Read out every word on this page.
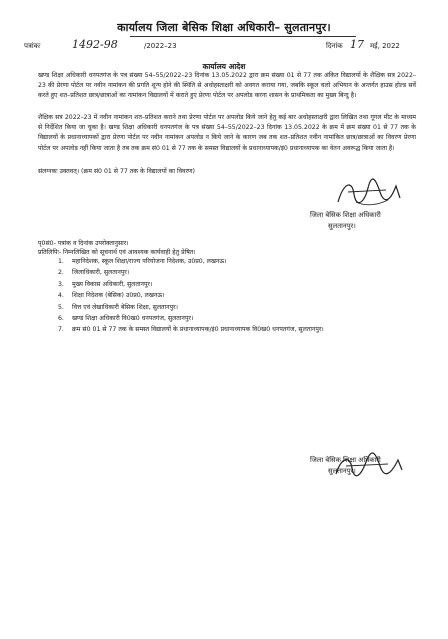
कार्यालय जिला बेसिक शिक्षा अधिकारी– सुलतानपुर।
पत्रांकः	1492-98	/2022–23	दिनांक 17 मई, 2022
कार्यालय आदेश
खण्ड शिक्षा अधिकारी धनपतगंज के पत्र संख्या 54–55/2022–23 दिनांक 13.05.2022 द्वारा क्रम संख्या 01 से 77 तक अंकित विद्यालयों के शैक्षिक सत्र 2022–23 की प्रेरणा पोर्टल पर नवीन नामांकन की प्रगति शून्य होने की स्थिति से अधोहस्ताक्षरी को अवगत कराया गया, जबकि स्कूल चलो अभियान के अन्तर्गत हाउस होल्ड सर्वे करते हुए शत–प्रतिशत छात्र/छात्राओं का नामांकन विद्यालयों में कराते हुए प्रेरणा पोर्टल पर अपलोड करना शासन के प्राथमिकता का मुख्य बिन्दु है।
शैक्षिक सत्र 2022–23 में नवीन नामांकन शत–प्रतिशत कराने तथा प्रेरणा पोर्टल पर अपलोड किये जाने हेतु कई बार अधोहस्ताक्षरी द्वारा लिखित तथा गूगल मीट के माध्यम से निर्देशित किया जा चुका है। खण्ड शिक्षा अधिकारी धनपतगंज के पत्र संख्या 54–55/2022–23 दिनांक 13.05.2022 के क्रम में क्रम संख्या 01 से 77 तक के विद्यालयों के प्रधानाध्यापकों द्वारा प्रेरणा पोर्टल पर नवीन नामांकन अपलोड न किये जाने के कारण जब तक शत–प्रतिशत नवीन नामांकित छात्र/छात्राओं का विवरण प्रेरणा पोर्टल पर अपलोड नहीं किया जाता है तब तक क्रम सं0 01 से 77 तक के समस्त विद्यालयों के प्रधानाध्यापक/इं0 प्रधानाध्यापक का वेतन अवरूद्ध किया जाता है।
संलग्नकः उक्तवत्। (क्रम सं0 01 से 77 तक के विद्यालयों का विवरण)
जिला बेसिक शिक्षा अधिकारी
सुलतानपुर।
पृ0सं0- पत्रांक व दिनांक उपरोक्तानुसार।
प्रतिलिपिः- निम्नलिखित को सूचनार्थ एवं आवश्यक कार्यवाही हेतु प्रेषित।
1.	महानिदेशक, स्कूल शिक्षा/राज्य परियोजना निदेशक, उ0प्र0, लखनऊ।
2.	जिलाधिकारी, सुलतानपुर।
3.	मुख्य विकास अधिकारी, सुलतानपुर।
4.	शिक्षा निदेशक (बेसिक) उ0प्र0, लखनऊ।
5.	वित्त एवं लेखाधिकारी बेसिक शिक्षा, सुलतानपुर।
6.	खण्ड शिक्षा अधिकारी वि0ख0 धनपतगंज, सुलतानपुर।
7.	क्रम सं0 01 से 77 तक के समस्त विद्यालयों के प्रधानाध्यापक/इं0 प्रधानाध्यापक वि0ख0 धनपतगंज, सुलतानपुर।
जिला बेसिक शिक्षा अधिकारी
सुलतानपुर।
